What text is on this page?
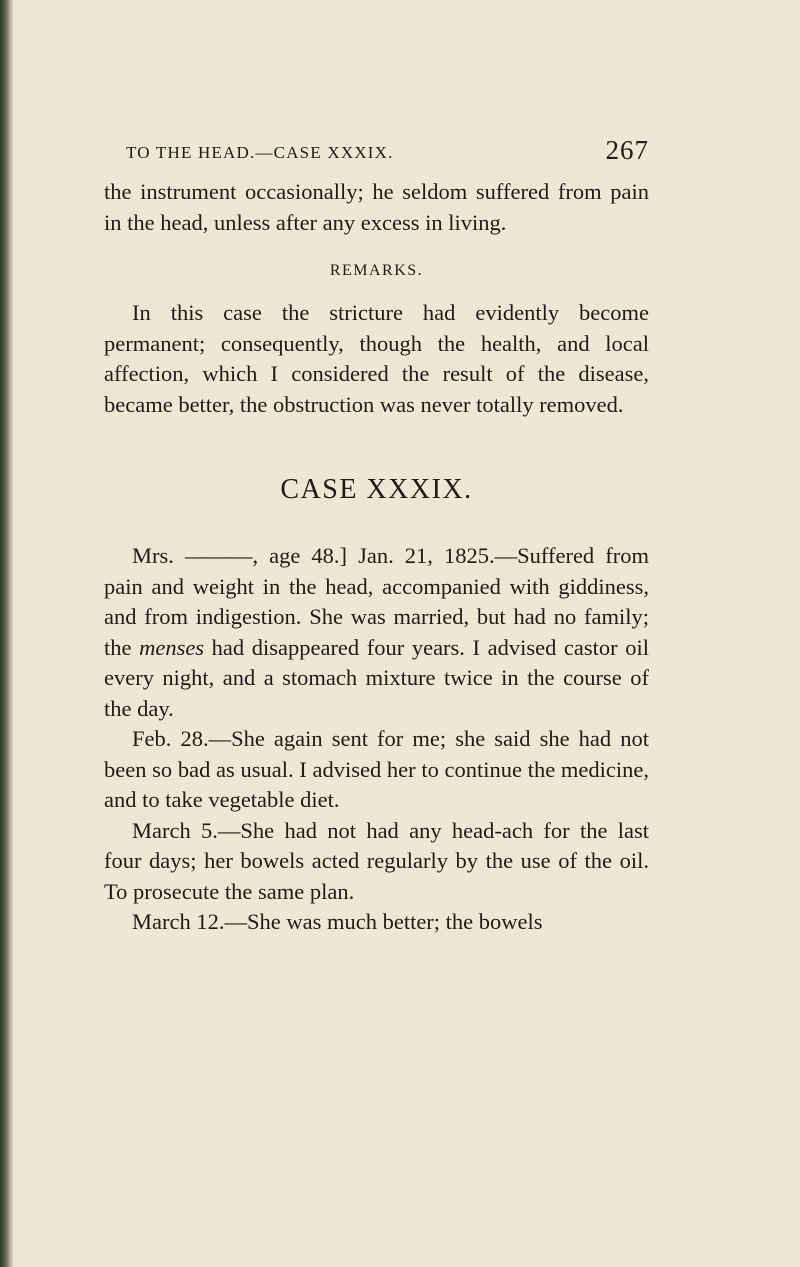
TO THE HEAD.—CASE XXXIX.	267

the instrument occasionally; he seldom suffered from pain in the head, unless after any excess in living.

REMARKS.

In this case the stricture had evidently become permanent; consequently, though the health, and local affection, which I considered the result of the disease, became better, the obstruction was never totally removed.

CASE XXXIX.

Mrs. ———, age 48.] Jan. 21, 1825.—Suffered from pain and weight in the head, accompanied with giddiness, and from indigestion. She was married, but had no family; the menses had disappeared four years. I advised castor oil every night, and a stomach mixture twice in the course of the day.

Feb. 28.—She again sent for me; she said she had not been so bad as usual. I advised her to continue the medicine, and to take vegetable diet.

March 5.—She had not had any head-ach for the last four days; her bowels acted regularly by the use of the oil. To prosecute the same plan.

March 12.—She was much better; the bowels
